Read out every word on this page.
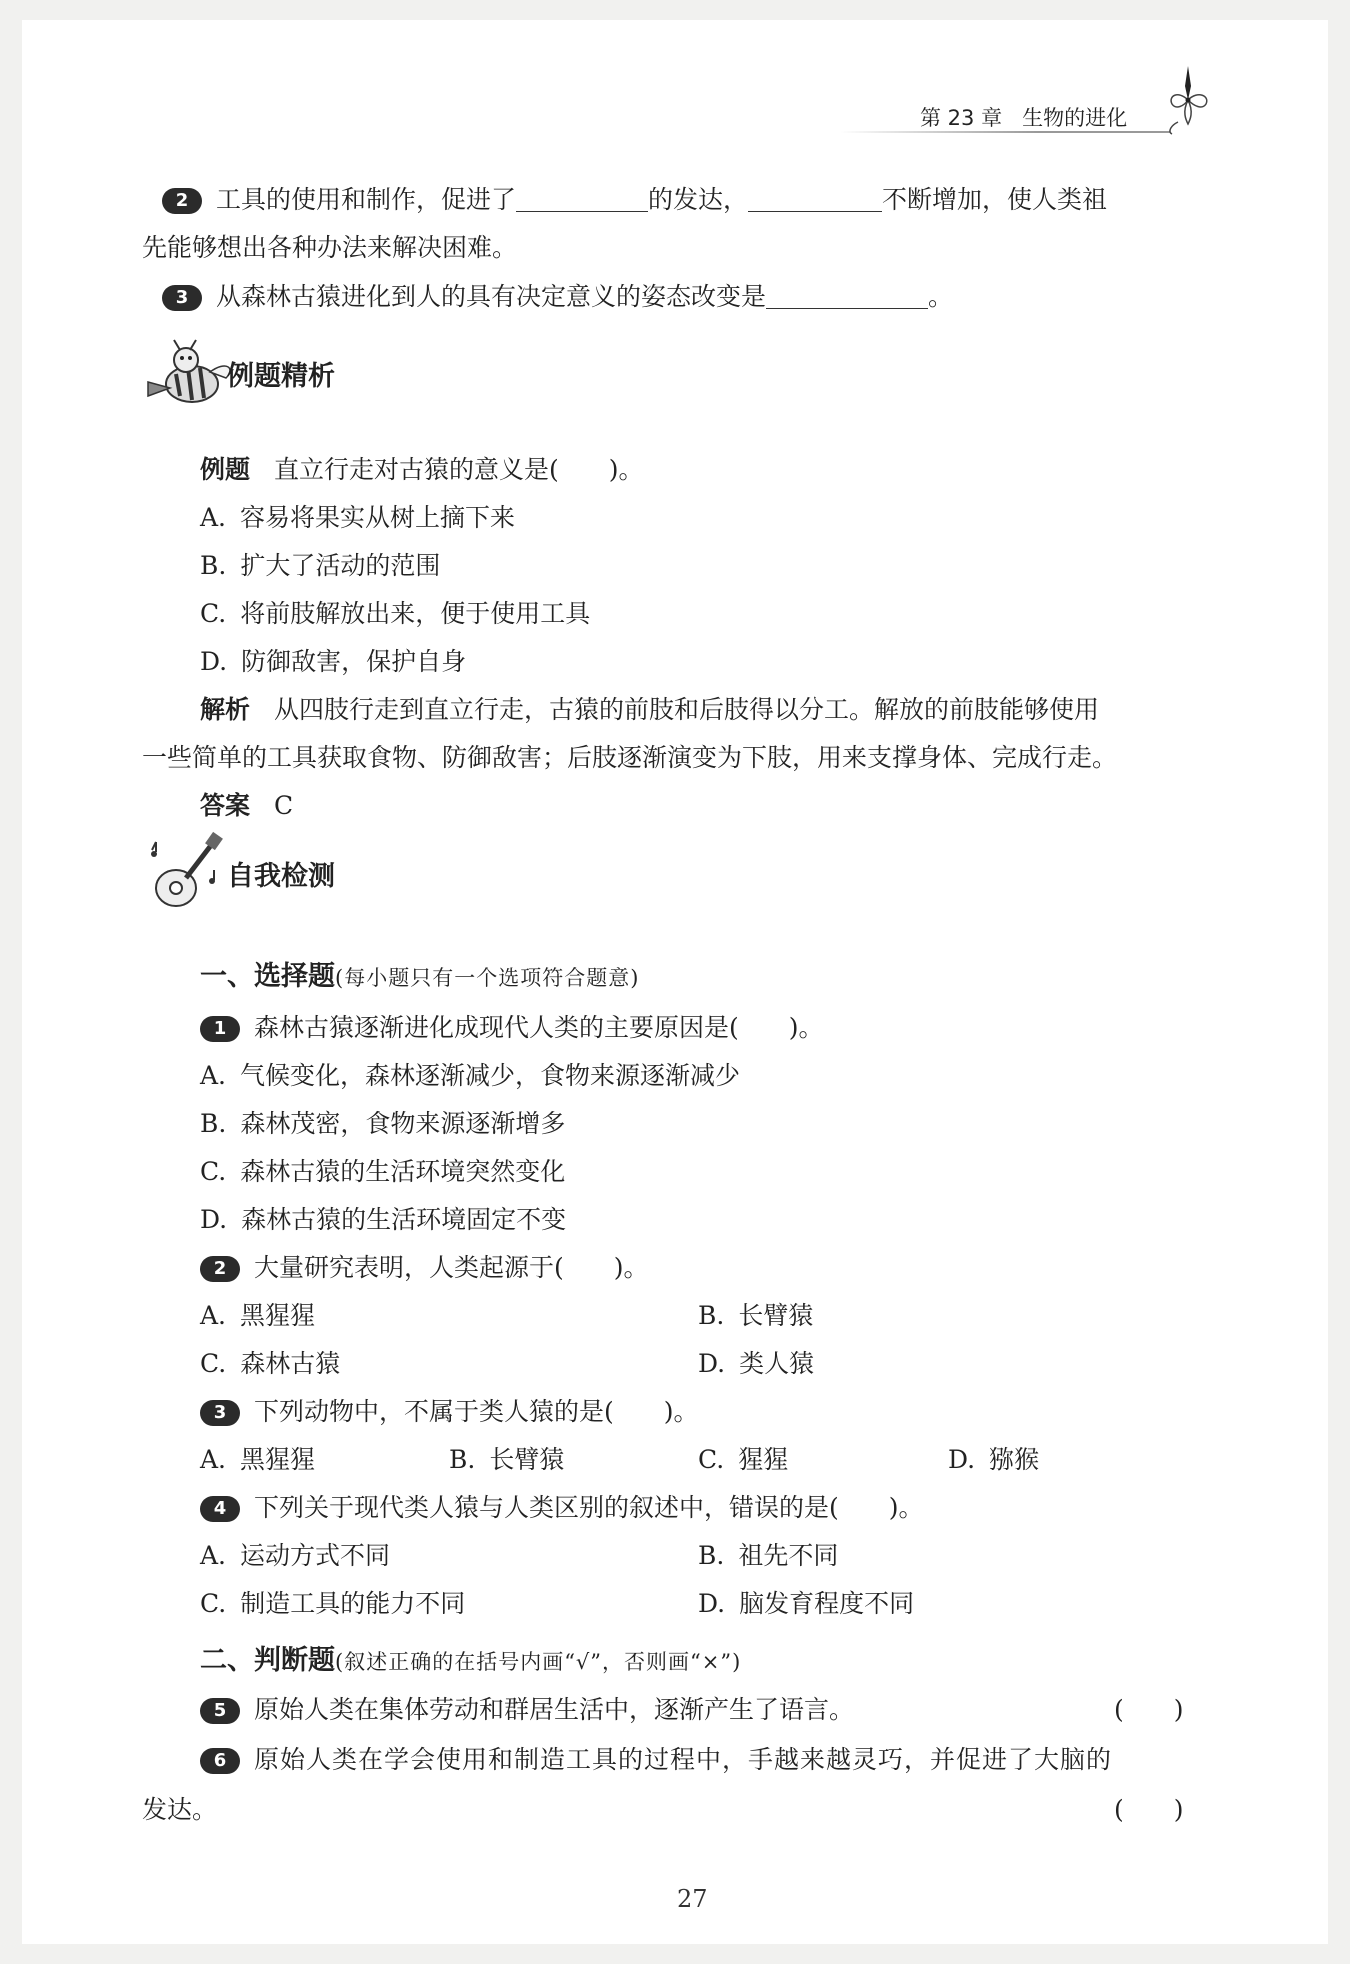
第 23 章 生物的进化
2 工具的使用和制作，促进了	的发达，	不断增加，使人类祖
先能够想出各种办法来解决困难。
3 从森林古猿进化到人的具有决定意义的姿态改变是	。
例题精析
例题 直立行走对古猿的意义是(　　)。
A. 容易将果实从树上摘下来
B. 扩大了活动的范围
C. 将前肢解放出来，便于使用工具
D. 防御敌害，保护自身
解析 从四肢行走到直立行走，古猿的前肢和后肢得以分工。解放的前肢能够使用
一些简单的工具获取食物、防御敌害；后肢逐渐演变为下肢，用来支撑身体、完成行走。
答案 C
自我检测
一、选择题(每小题只有一个选项符合题意)
1 森林古猿逐渐进化成现代人类的主要原因是(　　)。
A. 气候变化，森林逐渐减少，食物来源逐渐减少
B. 森林茂密，食物来源逐渐增多
C. 森林古猿的生活环境突然变化
D. 森林古猿的生活环境固定不变
2 大量研究表明，人类起源于(　　)。
A. 黑猩猩	B. 长臂猿
C. 森林古猿	D. 类人猿
3 下列动物中，不属于类人猿的是(　　)。
A. 黑猩猩	B. 长臂猿	C. 猩猩	D. 猕猴
4 下列关于现代类人猿与人类区别的叙述中，错误的是(　　)。
A. 运动方式不同	B. 祖先不同
C. 制造工具的能力不同	D. 脑发育程度不同
二、判断题(叙述正确的在括号内画“√”，否则画“×”)
5 原始人类在集体劳动和群居生活中，逐渐产生了语言。	(　　)
6 原始人类在学会使用和制造工具的过程中，手越来越灵巧，并促进了大脑的
发达。	(　　)
27
